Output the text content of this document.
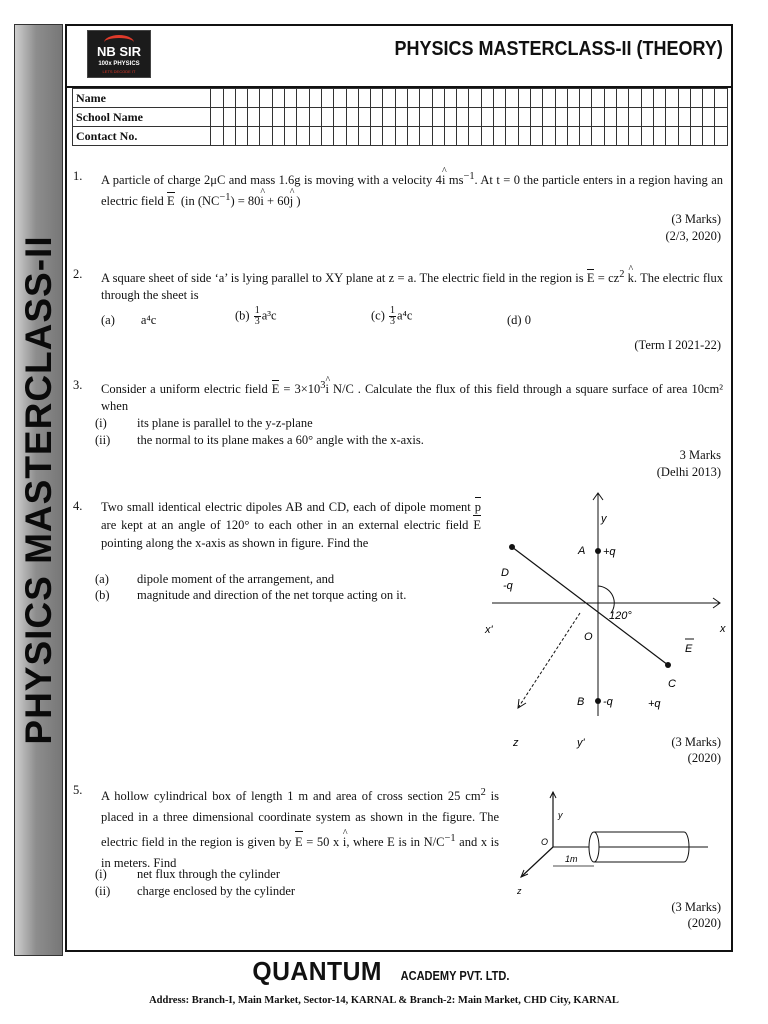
PHYSICS MASTERCLASS-II
NB SIR
100x PHYSICS
LETS DECODE IT
PHYSICS MASTERCLASS-II (THEORY)
Name																																										
School Name																																										
Contact No.																																										
1. A particle of charge 2μC and mass 1.6g is moving with a velocity 4^ i $ms^{-1}$. At t = 0 the particle enters in a region having an electric field E (in $(NC^{-1})$ = 80^ i + 60^ j )
(3 Marks)
(2/3, 2020)
2. A square sheet of side ‘a’ is lying parallel to XY plane at z = a. The electric field in the region is $E = cz^2$ ^ k. The electric flux through the sheet is
(a) a⁴c	$(b) \frac{1}{3} a^3c$	$(c) \frac{1}{3} a^4c$	(d) 0
(Term I 2021-22)
3. Consider a uniform electric field $E = 3\times 10^3\^{}$ i N/C . Calculate the flux of this field through a square surface of area 10cm² when
(i) its plane is parallel to the y-z-plane
(ii) the normal to its plane makes a 60° angle with the x-axis.
3 Marks
(Delhi 2013)
4. Two small identical electric dipoles AB and CD, each of dipole moment p are kept at an angle of 120° to each other in an external electric field E pointing along the x-axis as shown in figure. Find the
(a) dipole moment of the arrangement, and
(b) magnitude and direction of the net torque acting on it.
y
A +q
D
-q
120°
x'
O
x
E
C
+q
B -q
z	y'	(3 Marks)
(2020)
5. A hollow cylindrical box of length 1 m and area of cross section 25 $cm^2$ is placed in a three dimensional coordinate system as shown in the figure. The electric field in the region is given by E = 50 x ^ i, where E is in $N/C^{-1}$ and x is in meters. Find
(i) net flux through the cylinder
(ii) charge enclosed by the cylinder
y
O
1m
z
(3 Marks)
(2020)
QUANTUM ACADEMY PVT. LTD.
Address: Branch-I, Main Market, Sector-14, KARNAL & Branch-2: Main Market, CHD City, KARNAL
